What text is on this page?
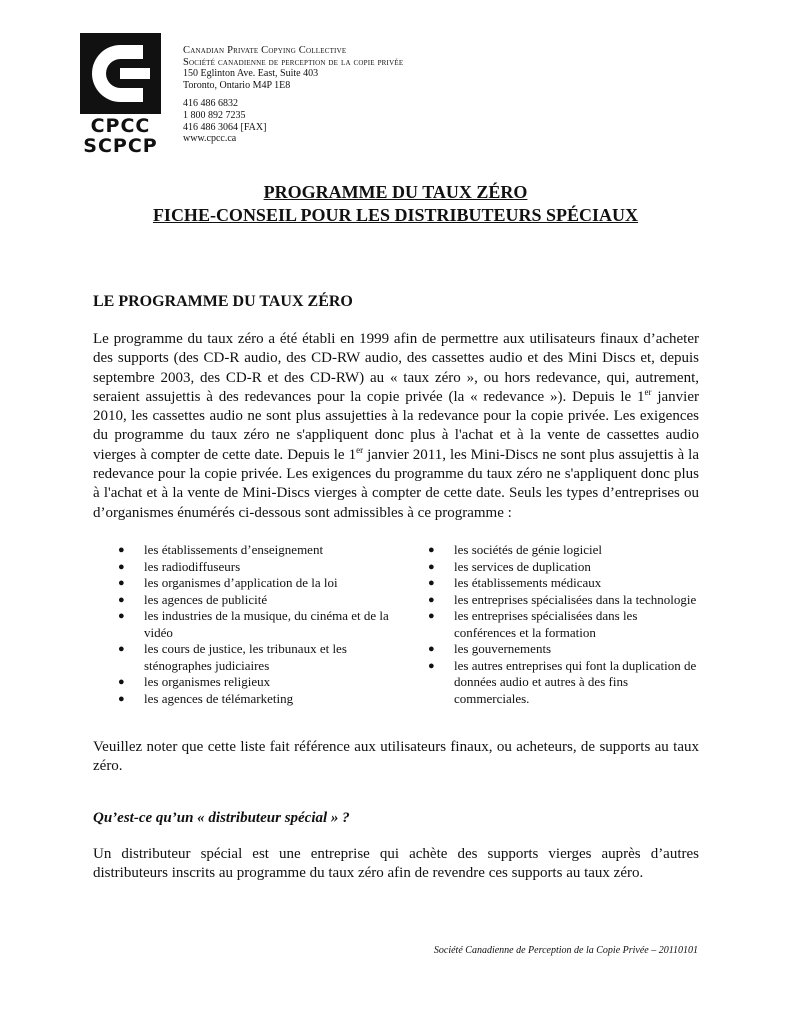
CPCC
SCPCP
Canadian Private Copying Collective
Société canadienne de perception de la copie privée
150 Eglinton Ave. East, Suite 403
Toronto, Ontario M4P 1E8
416 486 6832
1 800 892 7235
416 486 3064 [FAX]
www.cpcc.ca
PROGRAMME DU TAUX ZÉRO
FICHE-CONSEIL POUR LES DISTRIBUTEURS SPÉCIAUX
LE PROGRAMME DU TAUX ZÉRO
Le programme du taux zéro a été établi en 1999 afin de permettre aux utilisateurs finaux d’acheter des supports (des CD-R audio, des CD-RW audio, des cassettes audio et des Mini Discs et, depuis septembre 2003, des CD-R et des CD-RW) au « taux zéro », ou hors redevance, qui, autrement, seraient assujettis à des redevances pour la copie privée (la « redevance »). Depuis le 1er janvier 2010, les cassettes audio ne sont plus assujetties à la redevance pour la copie privée. Les exigences du programme du taux zéro ne s'appliquent donc plus à l'achat et à la vente de cassettes audio vierges à compter de cette date. Depuis le 1er janvier 2011, les Mini-Discs ne sont plus assujettis à la redevance pour la copie privée. Les exigences du programme du taux zéro ne s'appliquent donc plus à l'achat et à la vente de Mini-Discs vierges à compter de cette date. Seuls les types d’entreprises ou d’organismes énumérés ci-dessous sont admissibles à ce programme :
●	les établissements d’enseignement
●	les radiodiffuseurs
●	les organismes d’application de la loi
●	les agences de publicité
●	les industries de la musique, du cinéma et de la vidéo
●	les cours de justice, les tribunaux et les sténographes judiciaires
●	les organismes religieux
●	les agences de télémarketing
●	les sociétés de génie logiciel
●	les services de duplication
●	les établissements médicaux
●	les entreprises spécialisées dans la technologie
●	les entreprises spécialisées dans les conférences et la formation
●	les gouvernements
●	les autres entreprises qui font la duplication de données audio et autres à des fins commerciales.
Veuillez noter que cette liste fait référence aux utilisateurs finaux, ou acheteurs, de supports au taux zéro.
Qu’est-ce qu’un « distributeur spécial » ?
Un distributeur spécial est une entreprise qui achète des supports vierges auprès d’autres distributeurs inscrits au programme du taux zéro afin de revendre ces supports au taux zéro.
Société Canadienne de Perception de la Copie Privée – 20110101
